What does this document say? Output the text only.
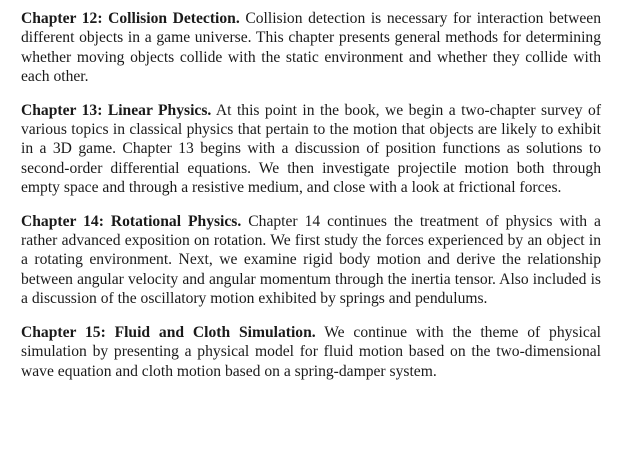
Chapter 12: Collision Detection. Collision detection is necessary for interaction between different objects in a game universe. This chapter presents general methods for determining whether moving objects collide with the static environment and whether they collide with each other.

Chapter 13: Linear Physics. At this point in the book, we begin a two-chapter survey of various topics in classical physics that pertain to the motion that objects are likely to exhibit in a 3D game. Chapter 13 begins with a discussion of position functions as solutions to second-order differential equations. We then investigate projectile motion both through empty space and through a resistive medium, and close with a look at frictional forces.

Chapter 14: Rotational Physics. Chapter 14 continues the treatment of physics with a rather advanced exposition on rotation. We first study the forces experienced by an object in a rotating environment. Next, we examine rigid body motion and derive the relationship between angular velocity and angular momentum through the inertia tensor. Also included is a discussion of the oscillatory motion exhibited by springs and pendulums.

Chapter 15: Fluid and Cloth Simulation. We continue with the theme of physical simulation by presenting a physical model for fluid motion based on the two-dimensional wave equation and cloth motion based on a spring-damper system.
